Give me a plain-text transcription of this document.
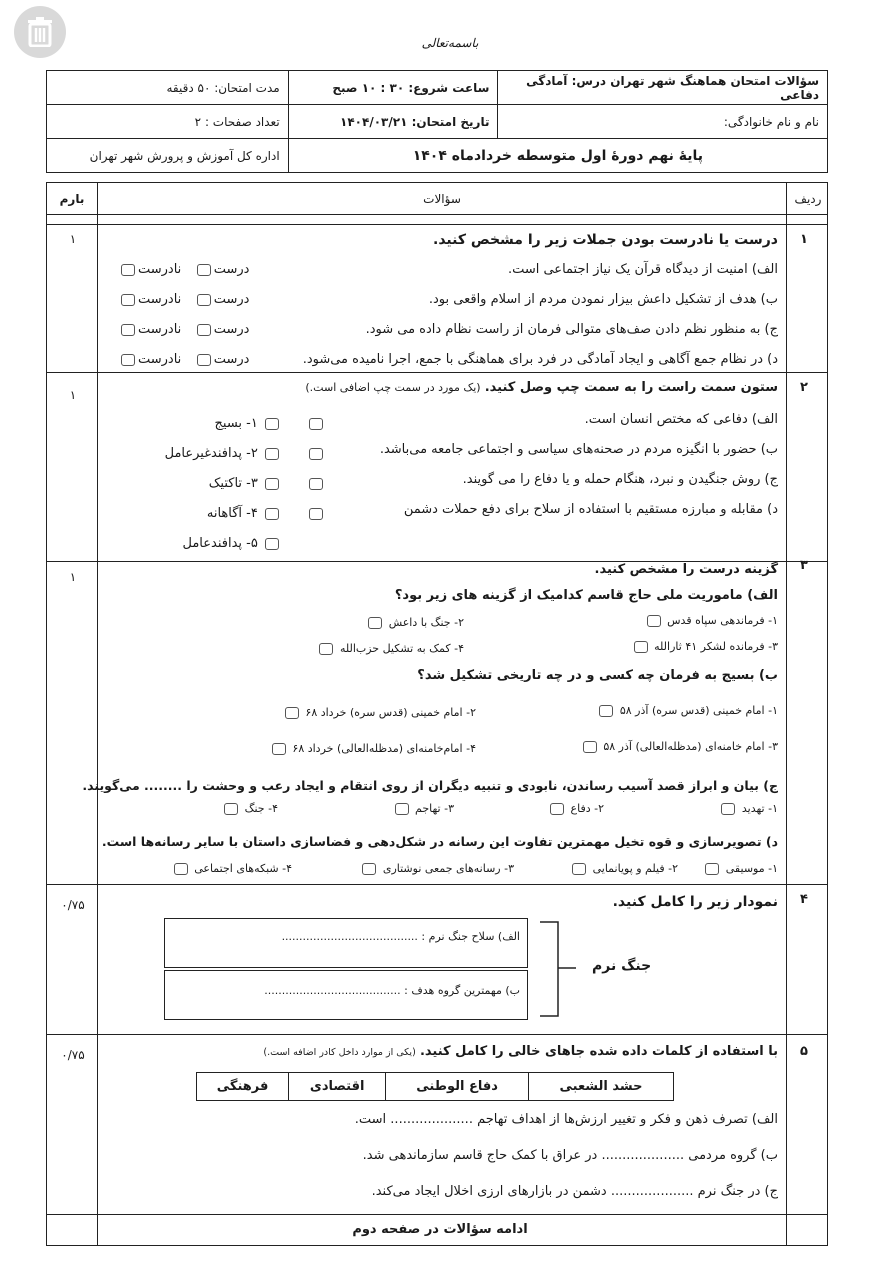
باسمه‌تعالی
سؤالات امتحان هماهنگ شهر تهران درس: آمادگی دفاعی	ساعت شروع: ۳۰ : ۱۰ صبح	مدت امتحان: ۵۰ دقیقه
نام و نام خانوادگی:	تاریخ امتحان: ۱۴۰۴/۰۳/۲۱	تعداد صفحات : ۲
پایهٔ نهم دورهٔ اول متوسطه خردادماه ۱۴۰۴		اداره کل آموزش و پرورش شهر تهران
ردیف
سؤالات
بارم
۱
۱	درست یا نادرست بودن جملات زیر را مشخص کنید.
الف) امنیت از دیدگاه قرآن یک نیاز اجتماعی است.
ب) هدف از تشکیل داعش بیزار نمودن مردم از اسلام واقعی بود.
ج) به منظور نظم دادن صف‌های متوالی فرمان از راست نظام داده می شود.
د) در نظام جمع آگاهی و ایجاد آمادگی در فرد برای هماهنگی با جمع، اجرا نامیده می‌شود.
درست   نادرست
درست   نادرست
درست   نادرست
درست   نادرست
۲
۱	ستون سمت راست را به سمت چپ وصل کنید. (یک مورد در سمت چپ اضافی است.)
الف) دفاعی که مختص انسان است.
ب) حضور با انگیزه مردم در صحنه‌های سیاسی و اجتماعی جامعه می‌باشد.
ج) روش جنگیدن و نبرد، هنگام حمله و یا دفاع را می گویند.
د) مقابله و مبارزه مستقیم با استفاده از سلاح برای دفع حملات دشمن
۱- بسیج
۲- پدافندغیرعامل
۳- تاکتیک
۴- آگاهانه
۵- پدافندعامل
۳
۱	گزینه درست را مشخص کنید.
الف) ماموریت ملی حاج قاسم کدامیک از گزینه های زیر بود؟
۱- فرماندهی سپاه قدس
۲- جنگ با داعش
۳- فرمانده لشکر ۴۱ ثارالله
۴- کمک به تشکیل حزب‌الله
ب) بسیج به فرمان چه کسی و در چه تاریخی تشکیل شد؟
۱- امام خمینی (قدس سره) آذر ۵۸
۲- امام خمینی (قدس سره) خرداد ۶۸
۳- امام خامنه‌ای (مدظله‌العالی) آذر ۵۸
۴- امام‌خامنه‌ای (مدظله‌العالی) خرداد ۶۸
ج) بیان و ابراز قصد آسیب رساندن، نابودی و تنبیه دیگران از روی انتقام و ایجاد رعب و وحشت را ........ می‌گویند.
۱- تهدید
۲- دفاع
۳- تهاجم
۴- جنگ
د) تصویرسازی و قوه تخیل مهمترین تفاوت این رسانه در شکل‌دهی و فضاسازی داستان با سایر رسانه‌ها است.
۱- موسیقی
۲- فیلم و پویانمایی
۳- رسانه‌های جمعی نوشتاری
۴- شبکه‌های اجتماعی
۴
۰/۷۵	نمودار زیر را کامل کنید.
الف) سلاح جنگ نرم : .......................................
ب) مهمترین گروه هدف : .......................................
جنگ نرم
۵
۰/۷۵	با استفاده از کلمات داده شده جاهای خالی را کامل کنید. (یکی از موارد داخل کادر اضافه است.)
حشد الشعبی	دفاع الوطنی	اقتصادی	فرهنگی
الف) تصرف ذهن و فکر و تغییر ارزش‌ها از اهداف تهاجم .................... است.
ب) گروه مردمی .................... در عراق با کمک حاج قاسم سازماندهی شد.
ج) در جنگ نرم .................... دشمن در بازارهای ارزی اخلال ایجاد می‌کند.
ادامه سؤالات در صفحه دوم
